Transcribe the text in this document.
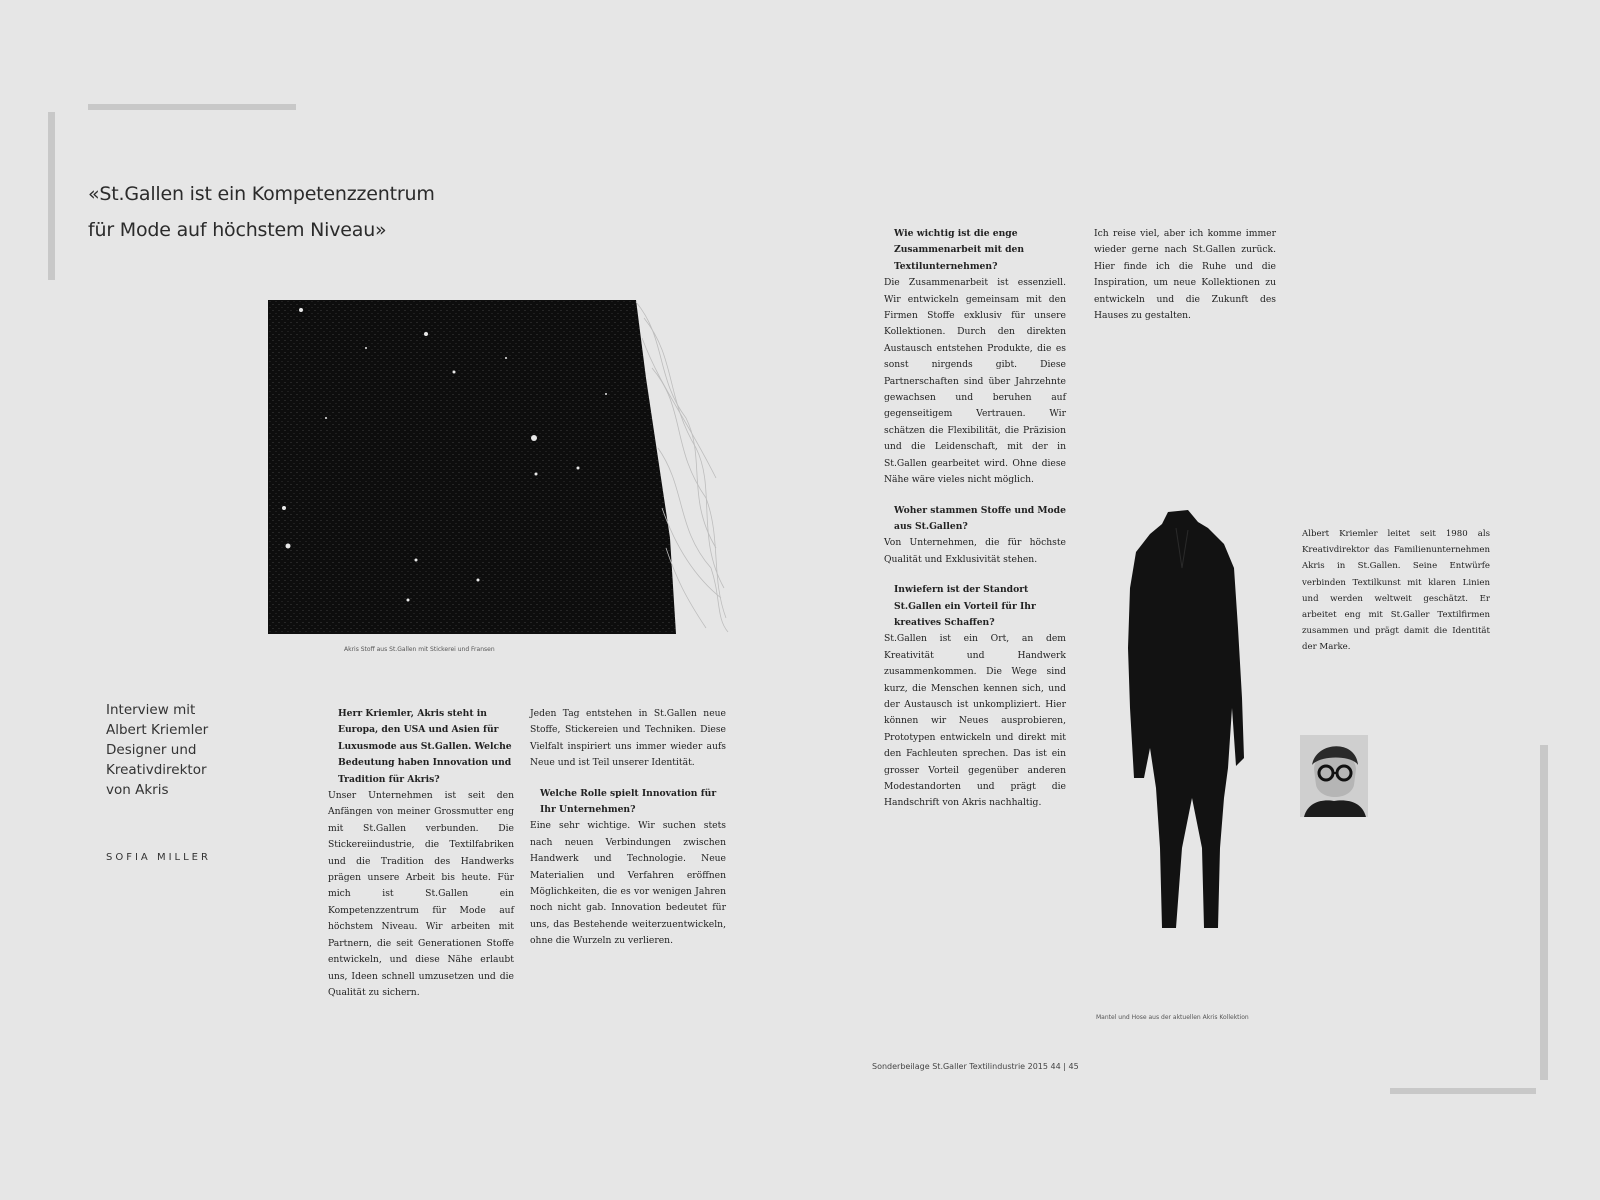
«St.Gallen ist ein Kompetenzzentrum
für Mode auf höchstem Niveau»
Akris Stoff aus St.Gallen mit Stickerei und Fransen
Interview mit
Albert Kriemler
Designer und
Kreativdirektor
von Akris
SOFIA MILLER

Herr Kriemler, Akris steht in Europa, den USA und Asien für Luxusmode aus St.Gallen. Welche Bedeutung haben Innovation und Tradition für Akris?

Unser Unternehmen ist seit den Anfängen von meiner Grossmutter eng mit St.Gallen verbunden. Die Stickereiindustrie, die Textilfabriken und die Tradition des Handwerks prägen unsere Arbeit bis heute. Für mich ist St.Gallen ein Kompetenzzentrum für Mode auf höchstem Niveau. Wir arbeiten mit Partnern, die seit Generationen Stoffe entwickeln, und diese Nähe erlaubt uns, Ideen schnell umzusetzen und die Qualität zu sichern.

Jeden Tag entstehen in St.Gallen neue Stoffe, Stickereien und Techniken. Diese Vielfalt inspiriert uns immer wieder aufs Neue und ist Teil unserer Identität.

Welche Rolle spielt Innovation für Ihr Unternehmen?

Eine sehr wichtige. Wir suchen stets nach neuen Verbindungen zwischen Handwerk und Technologie. Neue Materialien und Verfahren eröffnen Möglichkeiten, die es vor wenigen Jahren noch nicht gab. Innovation bedeutet für uns, das Bestehende weiterzuentwickeln, ohne die Wurzeln zu verlieren.

Wie wichtig ist die enge Zusammenarbeit mit den Textilunternehmen?

Die Zusammenarbeit ist essenziell. Wir entwickeln gemeinsam mit den Firmen Stoffe exklusiv für unsere Kollektionen. Durch den direkten Austausch entstehen Produkte, die es sonst nirgends gibt. Diese Partnerschaften sind über Jahrzehnte gewachsen und beruhen auf gegenseitigem Vertrauen. Wir schätzen die Flexibilität, die Präzision und die Leidenschaft, mit der in St.Gallen gearbeitet wird. Ohne diese Nähe wäre vieles nicht möglich.

Woher stammen Stoffe und Mode aus St.Gallen?

Von Unternehmen, die für höchste Qualität und Exklusivität stehen.

Inwiefern ist der Standort St.Gallen ein Vorteil für Ihr kreatives Schaffen?

St.Gallen ist ein Ort, an dem Kreativität und Handwerk zusammenkommen. Die Wege sind kurz, die Menschen kennen sich, und der Austausch ist unkompliziert. Hier können wir Neues ausprobieren, Prototypen entwickeln und direkt mit den Fachleuten sprechen. Das ist ein grosser Vorteil gegenüber anderen Modestandorten und prägt die Handschrift von Akris nachhaltig.

Ich reise viel, aber ich komme immer wieder gerne nach St.Gallen zurück. Hier finde ich die Ruhe und die Inspiration, um neue Kollektionen zu entwickeln und die Zukunft des Hauses zu gestalten.

Mantel und Hose aus der aktuellen Akris Kollektion
Albert Kriemler leitet seit 1980 als Kreativdirektor das Familienunternehmen Akris in St.Gallen. Seine Entwürfe verbinden Textilkunst mit klaren Linien und werden weltweit geschätzt. Er arbeitet eng mit St.Galler Textilfirmen zusammen und prägt damit die Identität der Marke.
Sonderbeilage St.Galler Textilindustrie 2015 44 | 45
